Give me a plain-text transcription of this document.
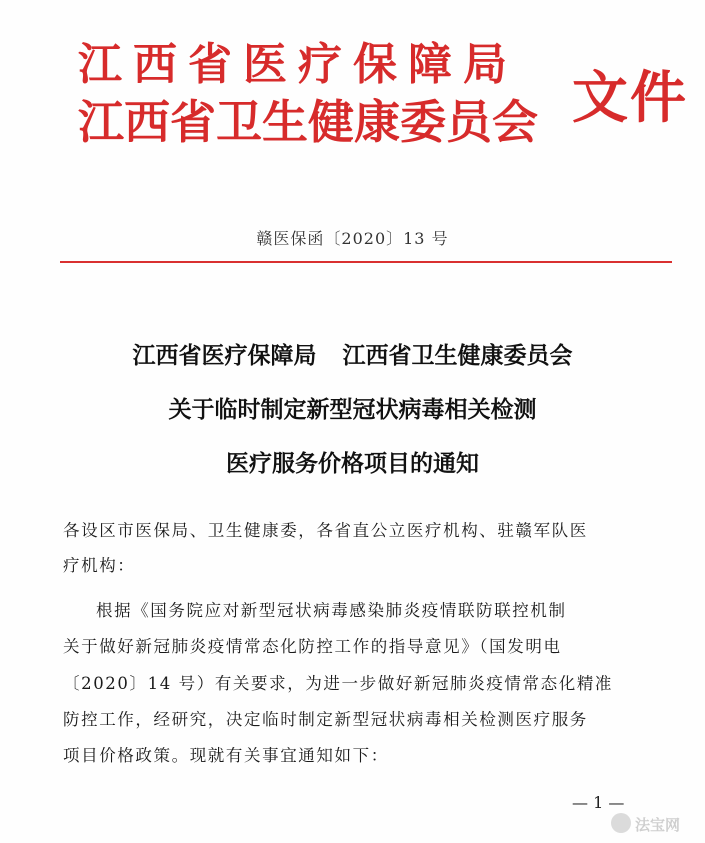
江西省医疗保障局
江西省卫生健康委员会 文件
赣医保函〔2020〕13 号
江西省医疗保障局 江西省卫生健康委员会
关于临时制定新型冠状病毒相关检测
医疗服务价格项目的通知
各设区市医保局、卫生健康委，各省直公立医疗机构、驻赣军队医
疗机构：
根据《国务院应对新型冠状病毒感染肺炎疫情联防联控机制
关于做好新冠肺炎疫情常态化防控工作的指导意见》（国发明电
〔2020〕14 号）有关要求，为进一步做好新冠肺炎疫情常态化精准
防控工作，经研究，决定临时制定新型冠状病毒相关检测医疗服务
项目价格政策。现就有关事宜通知如下：
— 1 —
法宝网
